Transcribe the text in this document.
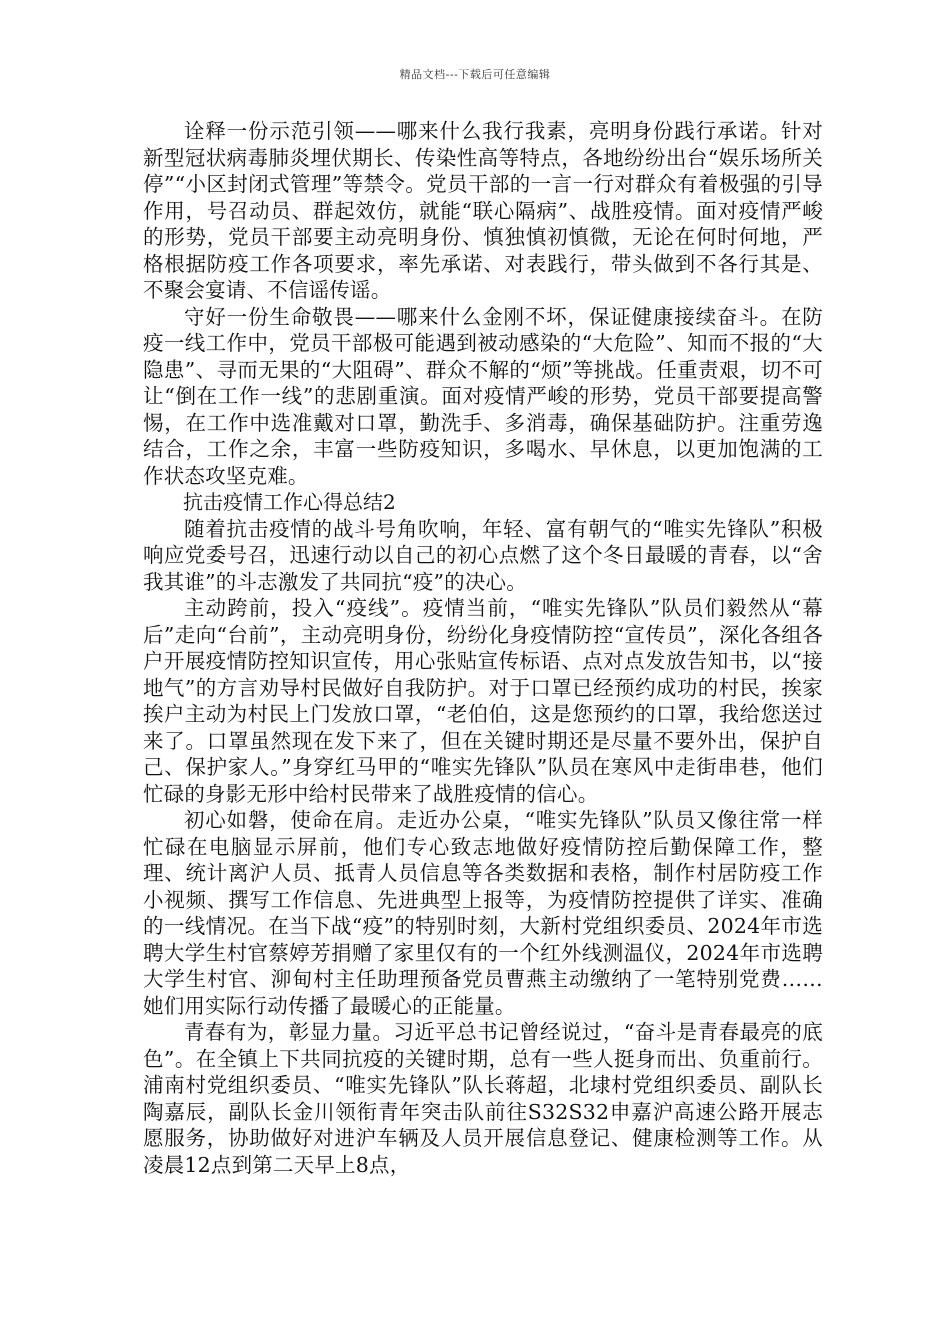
精品文档---下载后可任意编辑

诠释一份示范引领——哪来什么我行我素，亮明身份践行承诺。针对新型冠状病毒肺炎埋伏期长、传染性高等特点，各地纷纷出台“娱乐场所关停”“小区封闭式管理”等禁令。党员干部的一言一行对群众有着极强的引导作用，号召动员、群起效仿，就能“联心隔病”、战胜疫情。面对疫情严峻的形势，党员干部要主动亮明身份、慎独慎初慎微，无论在何时何地，严格根据防疫工作各项要求，率先承诺、对表践行，带头做到不各行其是、不聚会宴请、不信谣传谣。

守好一份生命敬畏——哪来什么金刚不坏，保证健康接续奋斗。在防疫一线工作中，党员干部极可能遇到被动感染的“大危险”、知而不报的“大隐患”、寻而无果的“大阻碍”、群众不解的“烦”等挑战。任重责艰，切不可让“倒在工作一线”的悲剧重演。面对疫情严峻的形势，党员干部要提高警惕，在工作中选准戴对口罩，勤洗手、多消毒，确保基础防护。注重劳逸结合，工作之余，丰富一些防疫知识，多喝水、早休息，以更加饱满的工作状态攻坚克难。

抗击疫情工作心得总结2

随着抗击疫情的战斗号角吹响，年轻、富有朝气的“唯实先锋队”积极响应党委号召，迅速行动以自己的初心点燃了这个冬日最暖的青春，以“舍我其谁”的斗志激发了共同抗“疫”的决心。

主动跨前，投入“疫线”。疫情当前，“唯实先锋队”队员们毅然从“幕后”走向“台前”，主动亮明身份，纷纷化身疫情防控“宣传员”，深化各组各户开展疫情防控知识宣传，用心张贴宣传标语、点对点发放告知书，以“接地气”的方言劝导村民做好自我防护。对于口罩已经预约成功的村民，挨家挨户主动为村民上门发放口罩，“老伯伯，这是您预约的口罩，我给您送过来了。口罩虽然现在发下来了，但在关键时期还是尽量不要外出，保护自己、保护家人。”身穿红马甲的“唯实先锋队”队员在寒风中走街串巷，他们忙碌的身影无形中给村民带来了战胜疫情的信心。

初心如磐，使命在肩。走近办公桌，“唯实先锋队”队员又像往常一样忙碌在电脑显示屏前，他们专心致志地做好疫情防控后勤保障工作，整理、统计离沪人员、抵青人员信息等各类数据和表格，制作村居防疫工作小视频、撰写工作信息、先进典型上报等，为疫情防控提供了详实、准确的一线情况。在当下战“疫”的特别时刻，大新村党组织委员、2024年市选聘大学生村官蔡婷芳捐赠了家里仅有的一个红外线测温仪，2024年市选聘大学生村官、泖甸村主任助理预备党员曹燕主动缴纳了一笔特别党费……她们用实际行动传播了最暖心的正能量。

青春有为，彰显力量。习近平总书记曾经说过，“奋斗是青春最亮的底色”。在全镇上下共同抗疫的关键时期，总有一些人挺身而出、负重前行。浦南村党组织委员、“唯实先锋队”队长蒋超，北埭村党组织委员、副队长陶嘉辰，副队长金川领衔青年突击队前往S32S32申嘉沪高速公路开展志愿服务，协助做好对进沪车辆及人员开展信息登记、健康检测等工作。从凌晨12点到第二天早上8点，
